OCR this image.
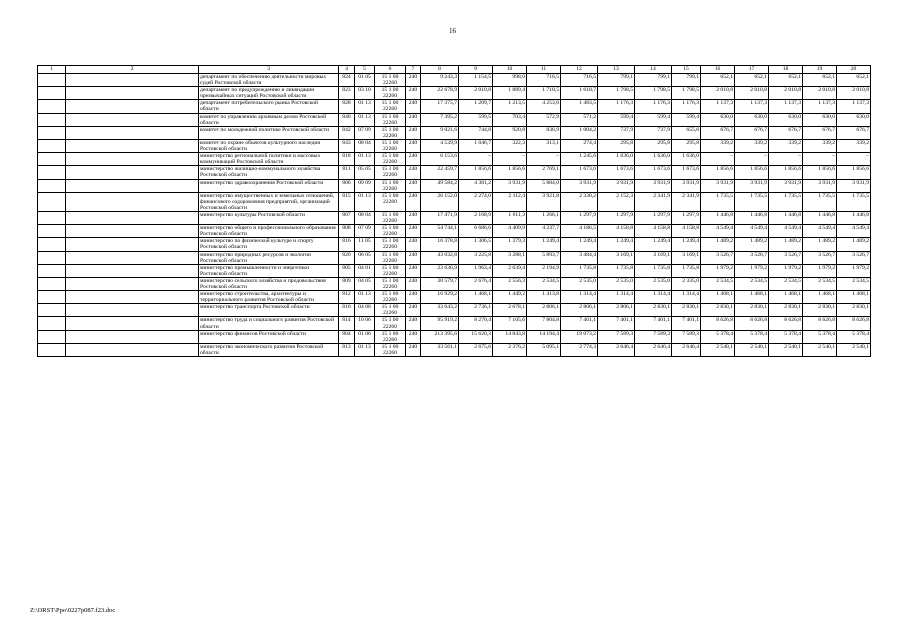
16
1	2	3	4	5	6	7	8	9	10	11	12	13	14	15	16	17	18	19	20
		департамент по обеспечению деятельности мировых судей Ростовской области	824	01 05	15 1 00 22260	240	9 243,3	1 154,5	998,0	716,5	716,5	799,1	799,1	799,1	652,1	652,1	652,1	652,1	652,1
		департамент по предупреждению и ликвидации чрезвычайных ситуаций Ростовской области	823	03 10	15 1 00 22260	240	22 678,9	2 010,8	1 889,4	1 710,5	1 618,7	1 798,5	1 798,5	1 798,5	2 010,8	2 010,8	2 010,8	2 010,8	2 010,8
		департамент потребительского рынка Ростовской области	828	01 13	15 1 00 22260	240	17 375,7	1 209,7	1 213,5	4 253,6	1 483,5	1 176,3	1 176,3	1 176,3	1 137,3	1 137,3	1 137,3	1 137,3	1 137,3
		комитет по управлению архивным делом Ростовской области	840	01 13	15 1 00 22260	240	7 395,2	599,5	703,4	572,9	571,2	599,4	599,4	599,4	630,0	630,0	630,0	630,0	630,0
		комитет по молодежной политике Ростовской области	842	07 09	15 1 00 22260	240	9 021,6	744,8	920,8	836,9	1 004,2	737,9	737,9	655,6	676,7	676,7	676,7	676,7	676,7
		комитет по охране объектов культурного наследия Ростовской области	843	08 04	15 1 00 22260	240	4 539,9	1 046,7	322,3	313,1	274,4	295,8	295,8	295,8	339,2	339,2	339,2	339,2	339,2
		министерство региональной политики и массовых коммуникаций Ростовской области	818	01 13	15 1 00 22260	240	6 153,6	–	–	–	1 245,6	1 636,0	1 636,0	1 636,0	–	–	–	–	–
		министерство жилищно-коммунального хозяйства Ростовской области	811	05 05	15 1 00 22260	240	22 459,7	1 856,6	1 856,6	2 769,1	1 673,6	1 673,6	1 673,6	1 673,6	1 856,6	1 856,6	1 856,6	1 856,6	1 856,6
		министерство здравоохранения Ростовской области	806	09 09	15 1 00 22260	240	49 584,2	4 381,2	3 931,9	5 884,0	3 931,9	3 931,9	3 931,9	3 931,9	3 931,9	3 931,9	3 931,9	3 931,9	3 931,9
		министерство имущественных и земельных отношений, финансового оздоровления предприятий, организаций Ростовской области	815	01 13	15 1 00 22260	240	26 152,0	2 274,0	2 112,4	3 921,8	2 330,2	2 152,3	2 341,9	2 341,9	1 735,5	1 735,5	1 735,5	1 735,5	1 735,5
		министерство культуры Ростовской области	807	08 04	15 1 00 22260	240	17 471,9	2 168,9	1 611,3	1 266,1	1 297,9	1 297,9	1 297,9	1 297,9	1 446,8	1 446,8	1 446,8	1 446,8	1 446,8
		министерство общего и профессионального образования Ростовской области	808	07 09	15 1 00 22260	240	54 744,1	6 686,6	4 409,9	4 237,7	4 186,5	4 158,8	4 158,8	4 158,8	4 549,4	4 549,4	4 549,4	4 549,4	4 549,4
		министерство по физической культуре и спорту Ростовской области	816	11 05	15 1 00 22260	240	16 378,8	1 306,5	1 379,3	1 249,4	1 249,4	1 249,4	1 249,4	1 249,4	1 489,2	1 489,2	1 489,2	1 489,2	1 489,2
		министерство природных ресурсов и экологии Ростовской области	820	06 05	15 1 00 22260	240	43 032,8	3 225,8	3 288,1	5 893,7	3 484,4	3 169,1	3 169,1	3 169,1	3 526,7	3 526,7	3 526,7	3 526,7	3 526,7
		министерство промышленности и энергетики Ростовской области	805	04 01	15 1 00 22260	240	23 636,9	1 963,4	2 639,4	2 194,9	1 735,8	1 735,8	1 735,8	1 735,8	1 979,2	1 979,2	1 979,2	1 979,2	1 979,2
		министерство сельского хозяйства и продовольствия Ростовской области	809	04 05	15 1 00 22260	240	30 579,7	2 676,4	2 556,3	2 534,5	2 535,0	2 535,0	2 535,0	2 335,0	2 534,5	2 534,5	2 534,5	2 534,5	2 534,5
		министерство строительства, архитектуры и территориального развития Ростовской области	812	01 13	15 1 00 22260	240	16 929,2	1 468,1	1 449,2	1 413,8	1 314,4	1 314,4	1 314,4	1 314,4	1 468,1	1 468,1	1 468,1	1 468,1	1 468,1
		министерство транспорта Ростовской области	810	04 08	15 1 00 22260	240	33 643,2	2 736,1	2 678,1	2 806,1	2 806,1	2 806,1	2 830,1	2 830,1	2 830,1	2 830,1	2 830,1	2 830,1	2 830,1
		министерство труда и социального развития Ростовской области	814	10 06	15 1 00 22260	240	95 919,2	8 270,4	7 105,6	7 804,8	7 401,1	7 401,1	7 401,1	7 401,1	8 626,8	8 626,8	8 626,8	8 626,8	8 626,8
		министерство финансов Ростовской области	804	01 06	15 1 00 22260	240	213 395,6	15 620,3	14 843,8	14 194,4	19 073,2	7 589,3	7 589,3	7 589,3	5 378,4	5 378,4	5 378,4	5 378,4	5 378,4
		министерство экономического развития Ростовской области	813	01 13	15 1 00 22260	240	33 561,1	2 675,6	2 376,2	5 095,1	2 774,3	2 646,4	2 646,4	2 646,4	2 540,1	2 540,1	2 540,1	2 540,1	2 540,1
Z:\ORST\Ppo\0227p087.f23.doc
